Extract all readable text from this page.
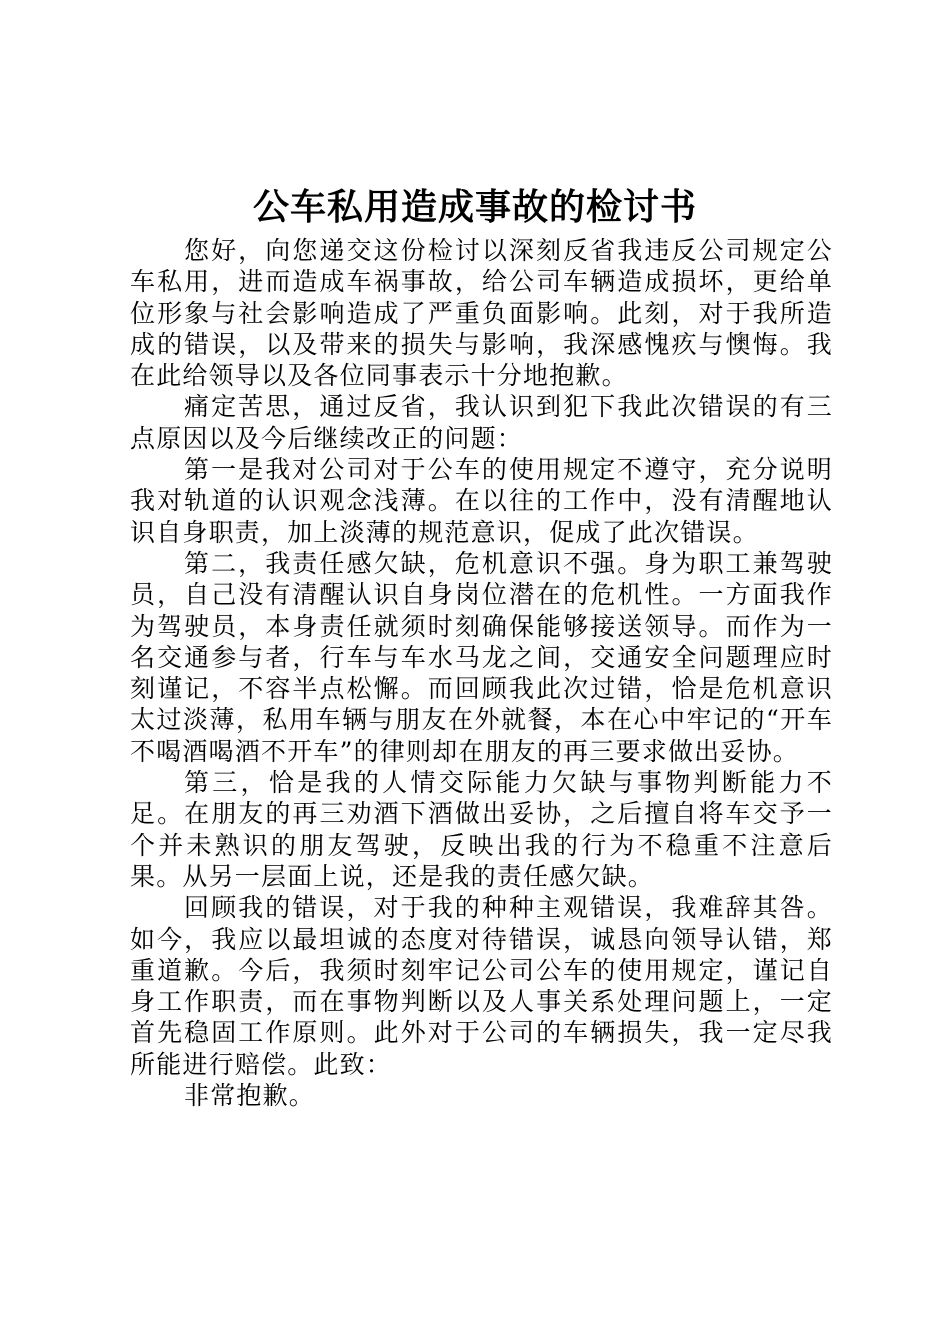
公车私用造成事故的检讨书

您好，向您递交这份检讨以深刻反省我违反公司规定公车私用，进而造成车祸事故，给公司车辆造成损坏，更给单位形象与社会影响造成了严重负面影响。此刻，对于我所造成的错误，以及带来的损失与影响，我深感愧疚与懊悔。我在此给领导以及各位同事表示十分地抱歉。

痛定苦思，通过反省，我认识到犯下我此次错误的有三点原因以及今后继续改正的问题：

第一是我对公司对于公车的使用规定不遵守，充分说明我对轨道的认识观念浅薄。在以往的工作中，没有清醒地认识自身职责，加上淡薄的规范意识，促成了此次错误。

第二，我责任感欠缺，危机意识不强。身为职工兼驾驶员，自己没有清醒认识自身岗位潜在的危机性。一方面我作为驾驶员，本身责任就须时刻确保能够接送领导。而作为一名交通参与者，行车与车水马龙之间，交通安全问题理应时刻谨记，不容半点松懈。而回顾我此次过错，恰是危机意识太过淡薄，私用车辆与朋友在外就餐，本在心中牢记的“开车不喝酒喝酒不开车”的律则却在朋友的再三要求做出妥协。

第三，恰是我的人情交际能力欠缺与事物判断能力不足。在朋友的再三劝酒下酒做出妥协，之后擅自将车交予一个并未熟识的朋友驾驶，反映出我的行为不稳重不注意后果。从另一层面上说，还是我的责任感欠缺。

回顾我的错误，对于我的种种主观错误，我难辞其咎。如今，我应以最坦诚的态度对待错误，诚恳向领导认错，郑重道歉。今后，我须时刻牢记公司公车的使用规定，谨记自身工作职责，而在事物判断以及人事关系处理问题上，一定首先稳固工作原则。此外对于公司的车辆损失，我一定尽我所能进行赔偿。此致：

非常抱歉。
